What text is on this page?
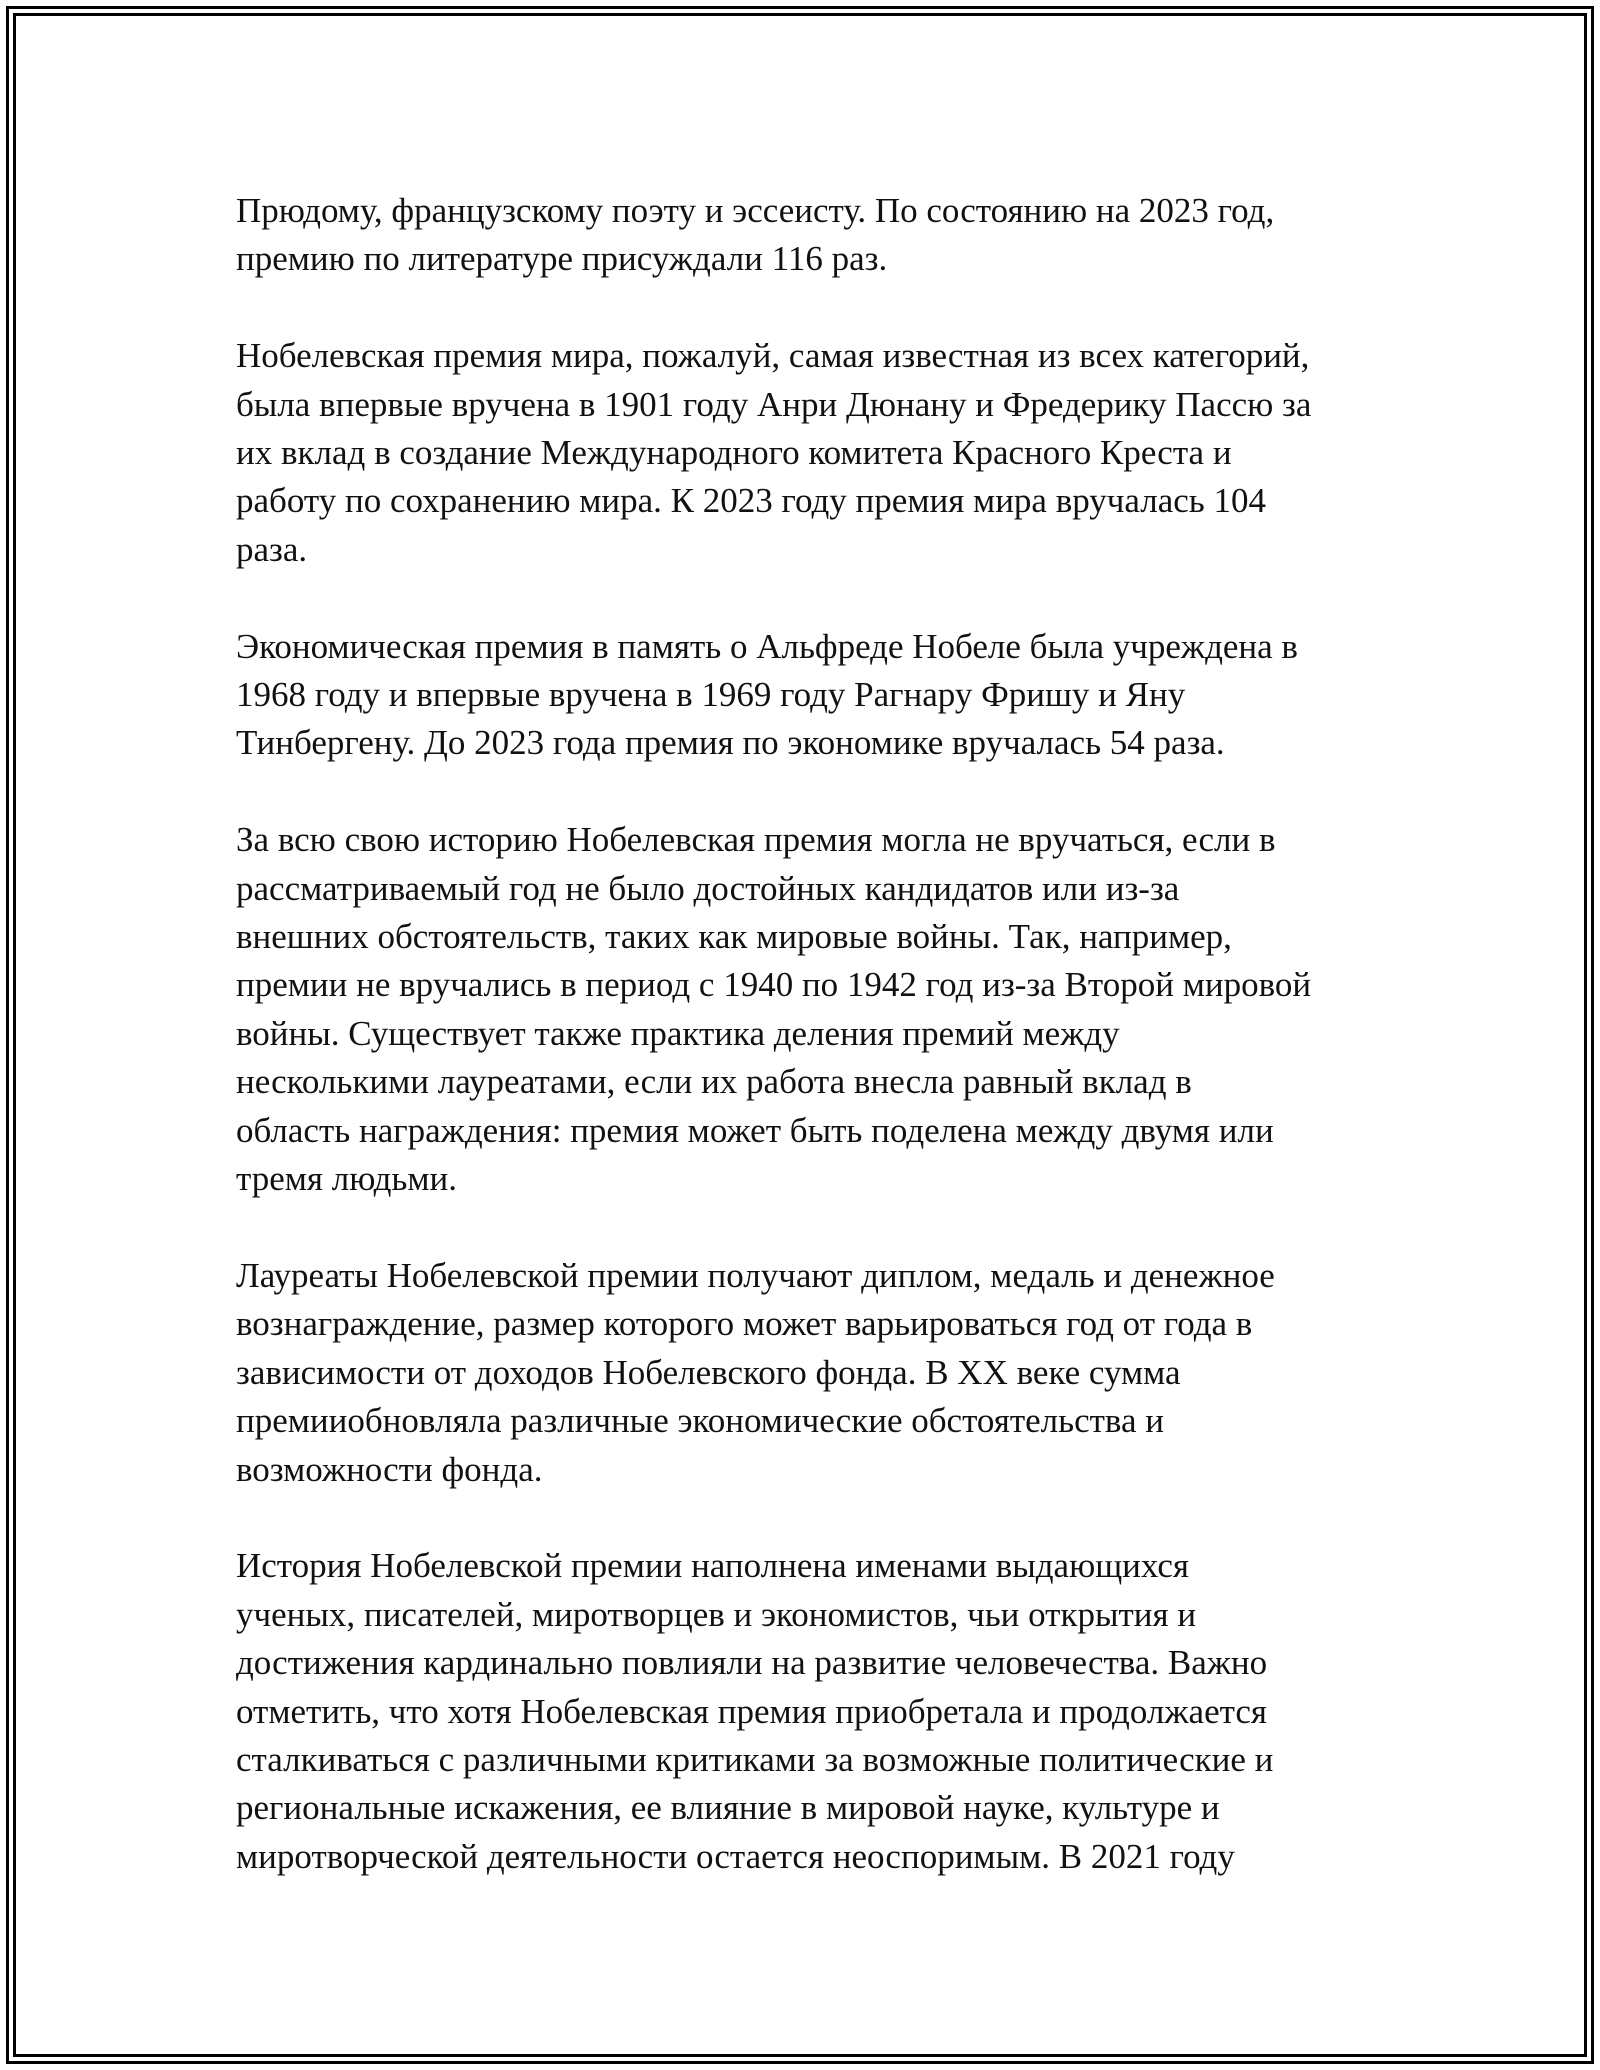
Прюдому, французскому поэту и эссеисту. По состоянию на 2023 год,
премию по литературе присуждали 116 раз.

Нобелевская премия мира, пожалуй, самая известная из всех категорий,
была впервые вручена в 1901 году Анри Дюнану и Фредерику Пассю за
их вклад в создание Международного комитета Красного Креста и
работу по сохранению мира. К 2023 году премия мира вручалась 104
раза.

Экономическая премия в память о Альфреде Нобеле была учреждена в
1968 году и впервые вручена в 1969 году Рагнару Фришу и Яну
Тинбергену. До 2023 года премия по экономике вручалась 54 раза.

За всю свою историю Нобелевская премия могла не вручаться, если в
рассматриваемый год не было достойных кандидатов или из-за
внешних обстоятельств, таких как мировые войны. Так, например,
премии не вручались в период с 1940 по 1942 год из-за Второй мировой
войны. Существует также практика деления премий между
несколькими лауреатами, если их работа внесла равный вклад в
область награждения: премия может быть поделена между двумя или
тремя людьми.

Лауреаты Нобелевской премии получают диплом, медаль и денежное
вознаграждение, размер которого может варьироваться год от года в
зависимости от доходов Нобелевского фонда. В XX веке сумма
премииобновляла различные экономические обстоятельства и
возможности фонда.

История Нобелевской премии наполнена именами выдающихся
ученых, писателей, миротворцев и экономистов, чьи открытия и
достижения кардинально повлияли на развитие человечества. Важно
отметить, что хотя Нобелевская премия приобретала и продолжается
сталкиваться с различными критиками за возможные политические и
региональные искажения, ее влияние в мировой науке, культуре и
миротворческой деятельности остается неоспоримым. В 2021 году
